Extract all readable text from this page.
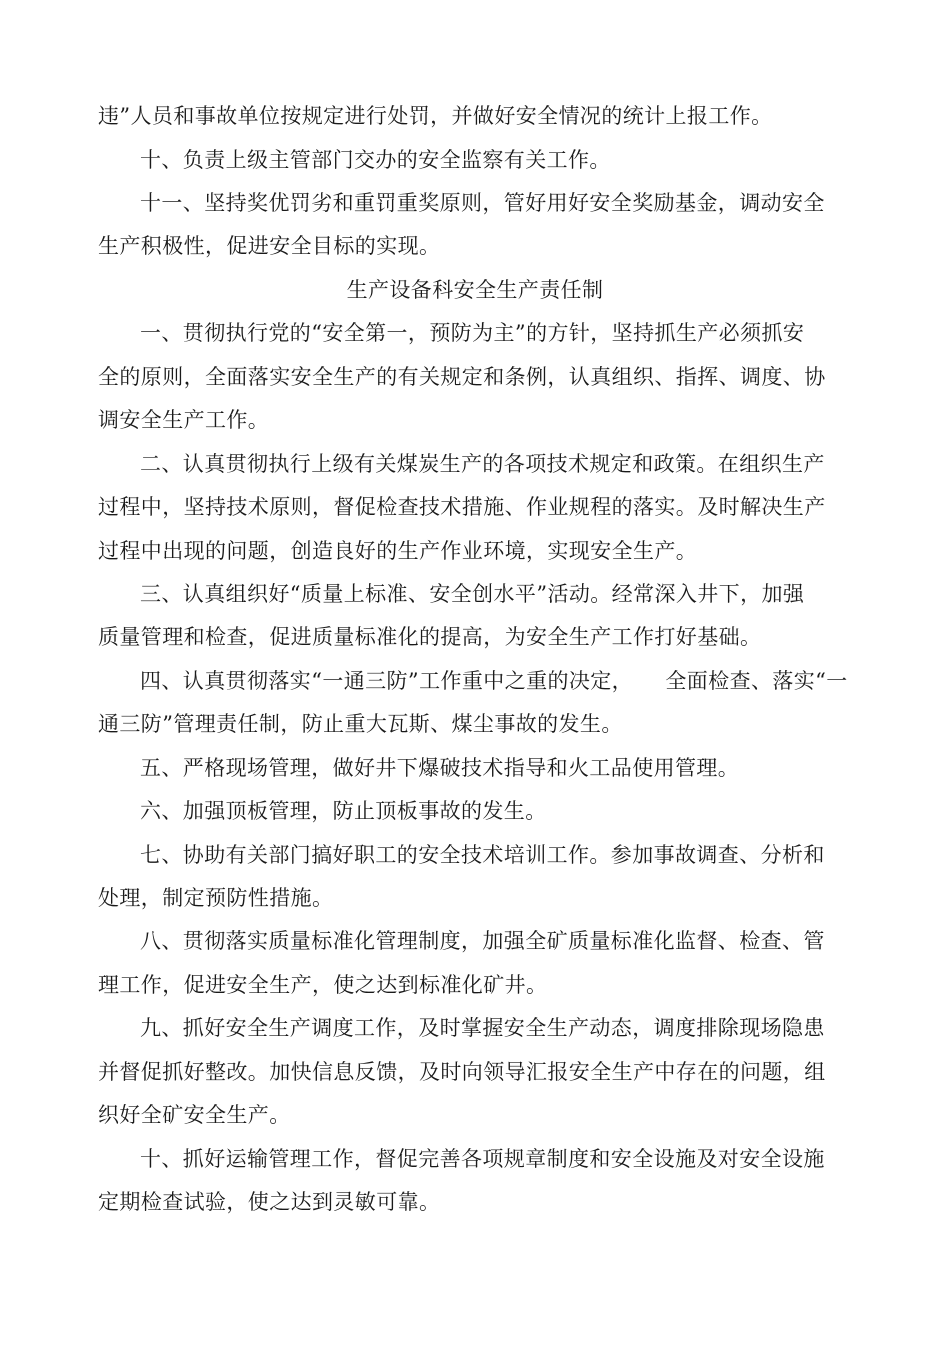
违”人员和事故单位按规定进行处罚，并做好安全情况的统计上报工作。
十、负责上级主管部门交办的安全监察有关工作。
十一、坚持奖优罚劣和重罚重奖原则，管好用好安全奖励基金，调动安全
生产积极性，促进安全目标的实现。
生产设备科安全生产责任制
一、贯彻执行党的“安全第一，预防为主”的方针，坚持抓生产必须抓安
全的原则，全面落实安全生产的有关规定和条例，认真组织、指挥、调度、协
调安全生产工作。
二、认真贯彻执行上级有关煤炭生产的各项技术规定和政策。在组织生产
过程中，坚持技术原则，督促检查技术措施、作业规程的落实。及时解决生产
过程中出现的问题，创造良好的生产作业环境，实现安全生产。
三、认真组织好“质量上标准、安全创水平”活动。经常深入井下，加强
质量管理和检查，促进质量标准化的提高，为安全生产工作打好基础。
四、认真贯彻落实“一通三防”工作重中之重的决定，　　全面检查、落实“一
通三防”管理责任制，防止重大瓦斯、煤尘事故的发生。
五、严格现场管理，做好井下爆破技术指导和火工品使用管理。
六、加强顶板管理，防止顶板事故的发生。
七、协助有关部门搞好职工的安全技术培训工作。参加事故调查、分析和
处理，制定预防性措施。
八、贯彻落实质量标准化管理制度，加强全矿质量标准化监督、检查、管
理工作，促进安全生产，使之达到标准化矿井。
九、抓好安全生产调度工作，及时掌握安全生产动态，调度排除现场隐患
并督促抓好整改。加快信息反馈，及时向领导汇报安全生产中存在的问题，组
织好全矿安全生产。
十、抓好运输管理工作，督促完善各项规章制度和安全设施及对安全设施
定期检查试验，使之达到灵敏可靠。
